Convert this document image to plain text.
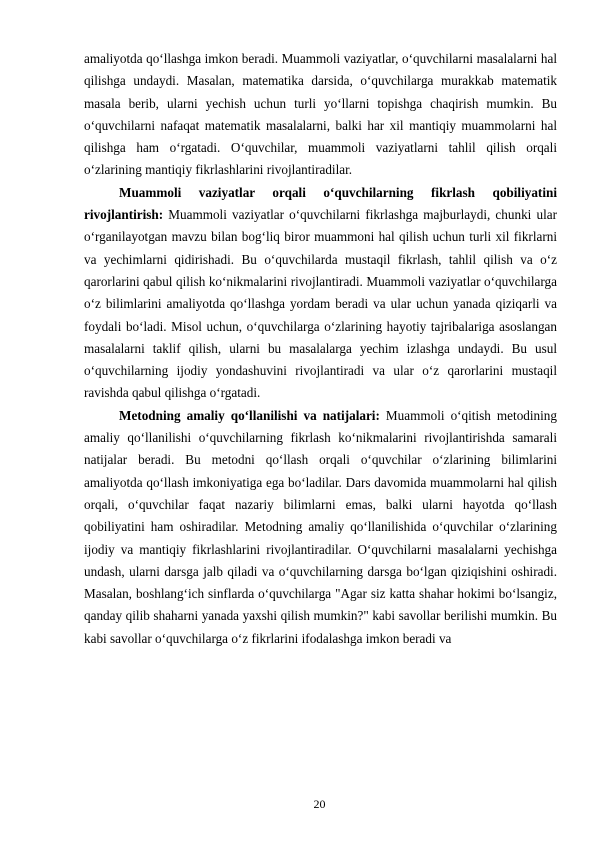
amaliyotda qo‘llashga imkon beradi. Muammoli vaziyatlar, o‘quvchilarni masalalarni hal qilishga undaydi. Masalan, matematika darsida, o‘quvchilarga murakkab matematik masala berib, ularni yechish uchun turli yo‘llarni topishga chaqirish mumkin. Bu o‘quvchilarni nafaqat matematik masalalarni, balki har xil mantiqiy muammolarni hal qilishga ham o‘rgatadi. O‘quvchilar, muammoli vaziyatlarni tahlil qilish orqali o‘zlarining mantiqiy fikrlashlarini rivojlantiradilar.

Muammoli vaziyatlar orqali o‘quvchilarning fikrlash qobiliyatini rivojlantirish: Muammoli vaziyatlar o‘quvchilarni fikrlashga majburlaydi, chunki ular o‘rganilayotgan mavzu bilan bog‘liq biror muammoni hal qilish uchun turli xil fikrlarni va yechimlarni qidirishadi. Bu o‘quvchilarda mustaqil fikrlash, tahlil qilish va o‘z qarorlarini qabul qilish ko‘nikmalarini rivojlantiradi. Muammoli vaziyatlar o‘quvchilarga o‘z bilimlarini amaliyotda qo‘llashga yordam beradi va ular uchun yanada qiziqarli va foydali bo‘ladi. Misol uchun, o‘quvchilarga o‘zlarining hayotiy tajribalariga asoslangan masalalarni taklif qilish, ularni bu masalalarga yechim izlashga undaydi. Bu usul o‘quvchilarning ijodiy yondashuvini rivojlantiradi va ular o‘z qarorlarini mustaqil ravishda qabul qilishga o‘rgatadi.

Metodning amaliy qo‘llanilishi va natijalari: Muammoli o‘qitish metodining amaliy qo‘llanilishi o‘quvchilarning fikrlash ko‘nikmalarini rivojlantirishda samarali natijalar beradi. Bu metodni qo‘llash orqali o‘quvchilar o‘zlarining bilimlarini amaliyotda qo‘llash imkoniyatiga ega bo‘ladilar. Dars davomida muammolarni hal qilish orqali, o‘quvchilar faqat nazariy bilimlarni emas, balki ularni hayotda qo‘llash qobiliyatini ham oshiradilar. Metodning amaliy qo‘llanilishida o‘quvchilar o‘zlarining ijodiy va mantiqiy fikrlashlarini rivojlantiradilar. O‘quvchilarni masalalarni yechishga undash, ularni darsga jalb qiladi va o‘quvchilarning darsga bo‘lgan qiziqishini oshiradi. Masalan, boshlang‘ich sinflarda o‘quvchilarga "Agar siz katta shahar hokimi bo‘lsangiz, qanday qilib shaharni yanada yaxshi qilish mumkin?" kabi savollar berilishi mumkin. Bu kabi savollar o‘quvchilarga o‘z fikrlarini ifodalashga imkon beradi va

20
